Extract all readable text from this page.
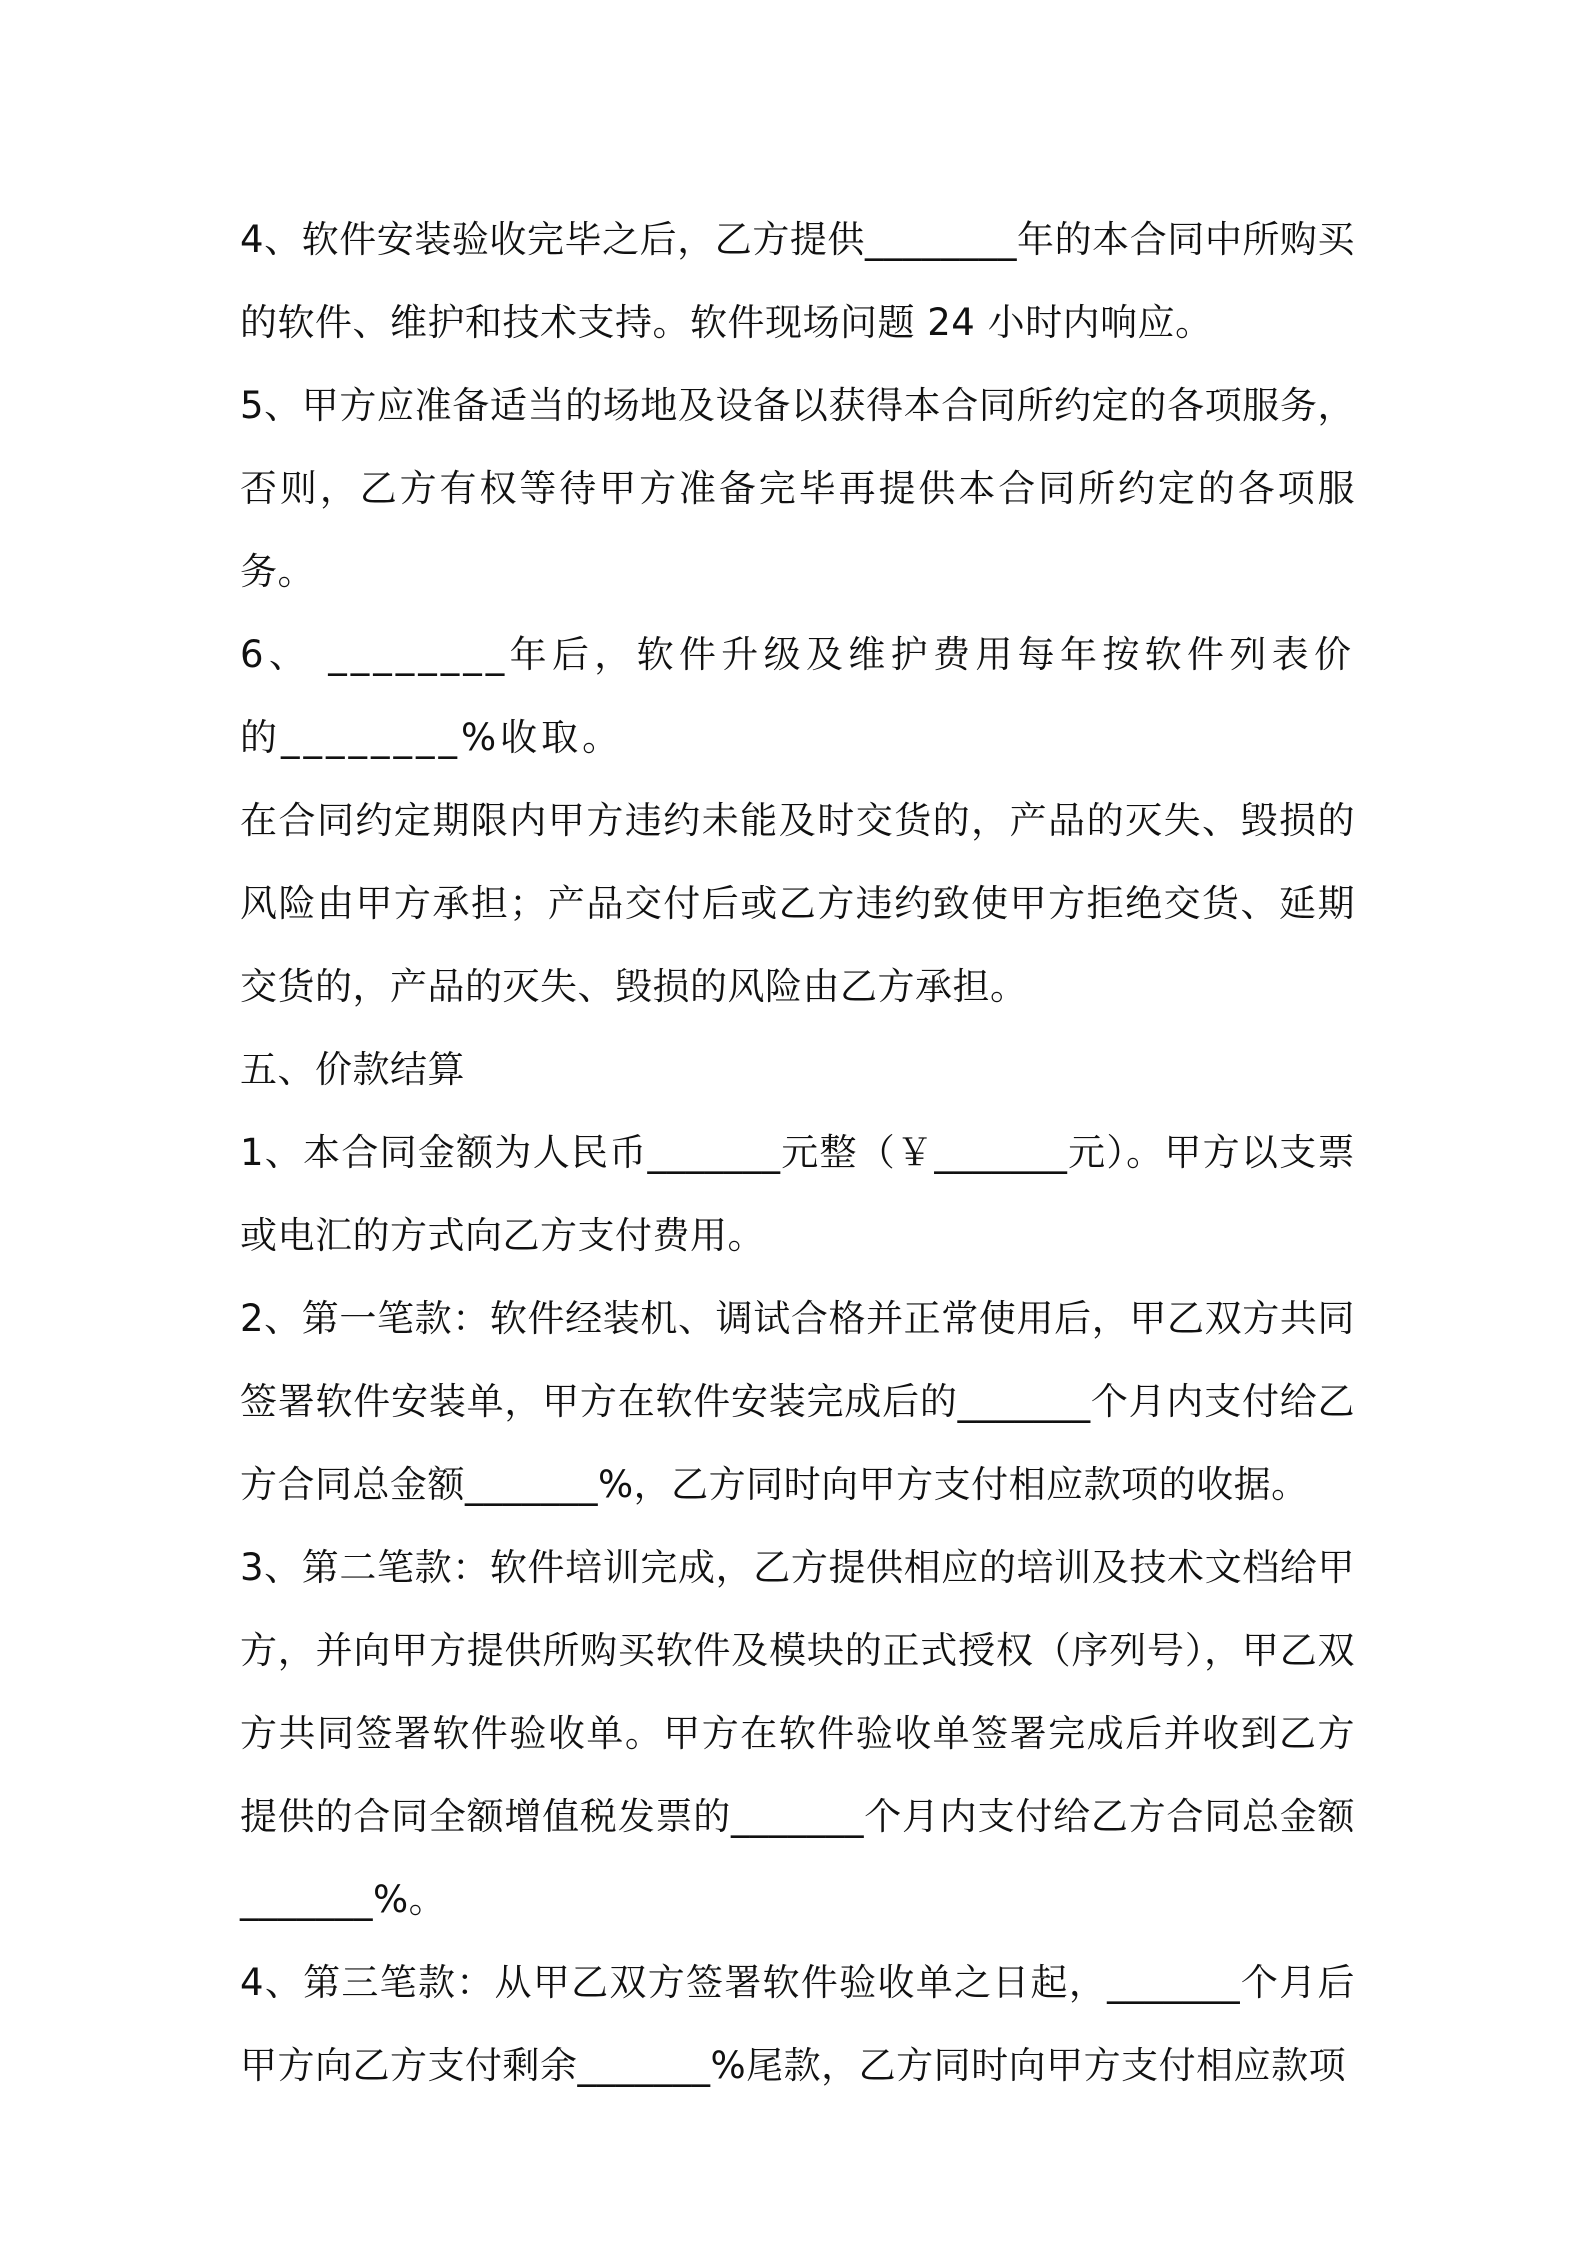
4、软件安装验收完毕之后，乙方提供________年的本合同中所购买的软件、维护和技术支持。软件现场问题 24 小时内响应。

5、甲方应准备适当的场地及设备以获得本合同所约定的各项服务，否则，乙方有权等待甲方准备完毕再提供本合同所约定的各项服务。

6、 ________年后，软件升级及维护费用每年按软件列表价的________%收取。

在合同约定期限内甲方违约未能及时交货的，产品的灭失、毁损的风险由甲方承担；产品交付后或乙方违约致使甲方拒绝交货、延期交货的，产品的灭失、毁损的风险由乙方承担。

五、价款结算

1、本合同金额为人民币_______元整（￥_______元）。甲方以支票或电汇的方式向乙方支付费用。

2、第一笔款：软件经装机、调试合格并正常使用后，甲乙双方共同签署软件安装单，甲方在软件安装完成后的_______个月内支付给乙方合同总金额_______%，乙方同时向甲方支付相应款项的收据。

3、第二笔款：软件培训完成，乙方提供相应的培训及技术文档给甲方，并向甲方提供所购买软件及模块的正式授权（序列号），甲乙双方共同签署软件验收单。甲方在软件验收单签署完成后并收到乙方提供的合同全额增值税发票的_______个月内支付给乙方合同总金额_______%。

4、第三笔款：从甲乙双方签署软件验收单之日起，_______个月后甲方向乙方支付剩余_______%尾款，乙方同时向甲方支付相应款项
